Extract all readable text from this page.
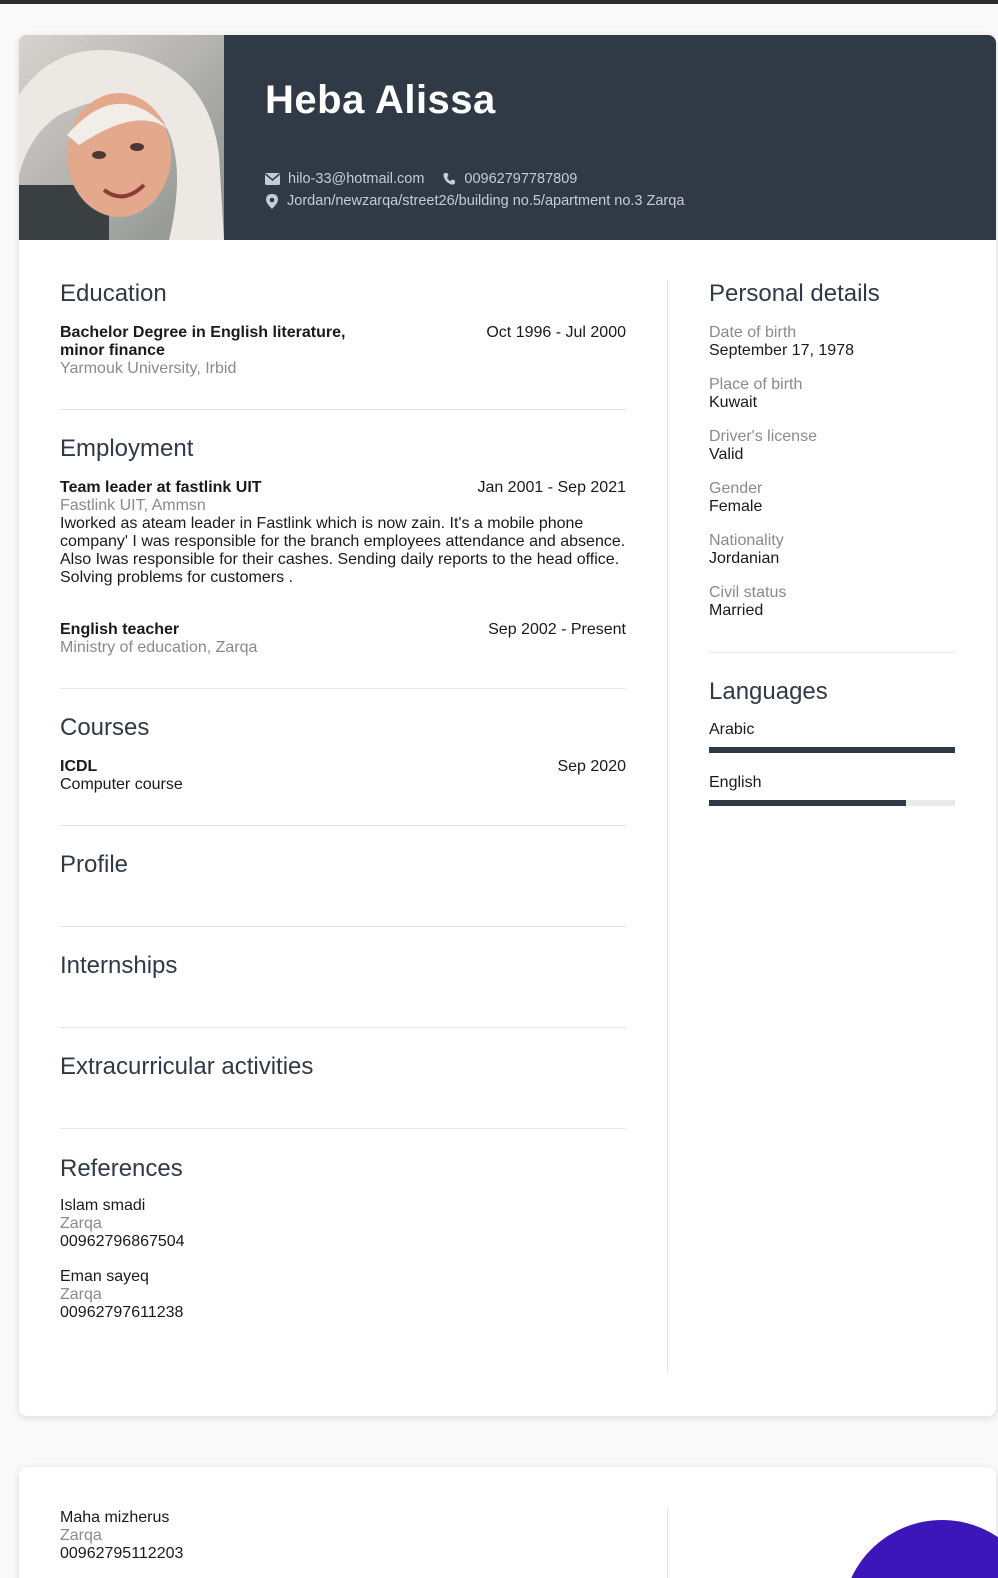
Heba Alissa
hilo-33@hotmail.com	00962797787809
Jordan/newzarqa/street26/building no.5/apartment no.3 Zarqa
Education
Bachelor Degree in English literature,
minor finance
Yarmouk University, Irbid
Oct 1996 - Jul 2000
Employment
Team leader at fastlink UIT
Fastlink UIT, Ammsn
Iworked as ateam leader in Fastlink which is now zain. It's a mobile phone company' I was responsible for the branch employees attendance and absence. Also Iwas responsible for their cashes. Sending daily reports to the head office. Solving problems for customers .
Jan 2001 - Sep 2021
English teacher
Ministry of education, Zarqa
Sep 2002 - Present
Courses
ICDL
Computer course
Sep 2020
Profile
Internships
Extracurricular activities
References
Islam smadi
Zarqa
00962796867504
Eman sayeq
Zarqa
00962797611238
Personal details
Date of birth
September 17, 1978
Place of birth
Kuwait
Driver's license
Valid
Gender
Female
Nationality
Jordanian
Civil status
Married
Languages
Arabic
English
Maha mizherus
Zarqa
00962795112203
